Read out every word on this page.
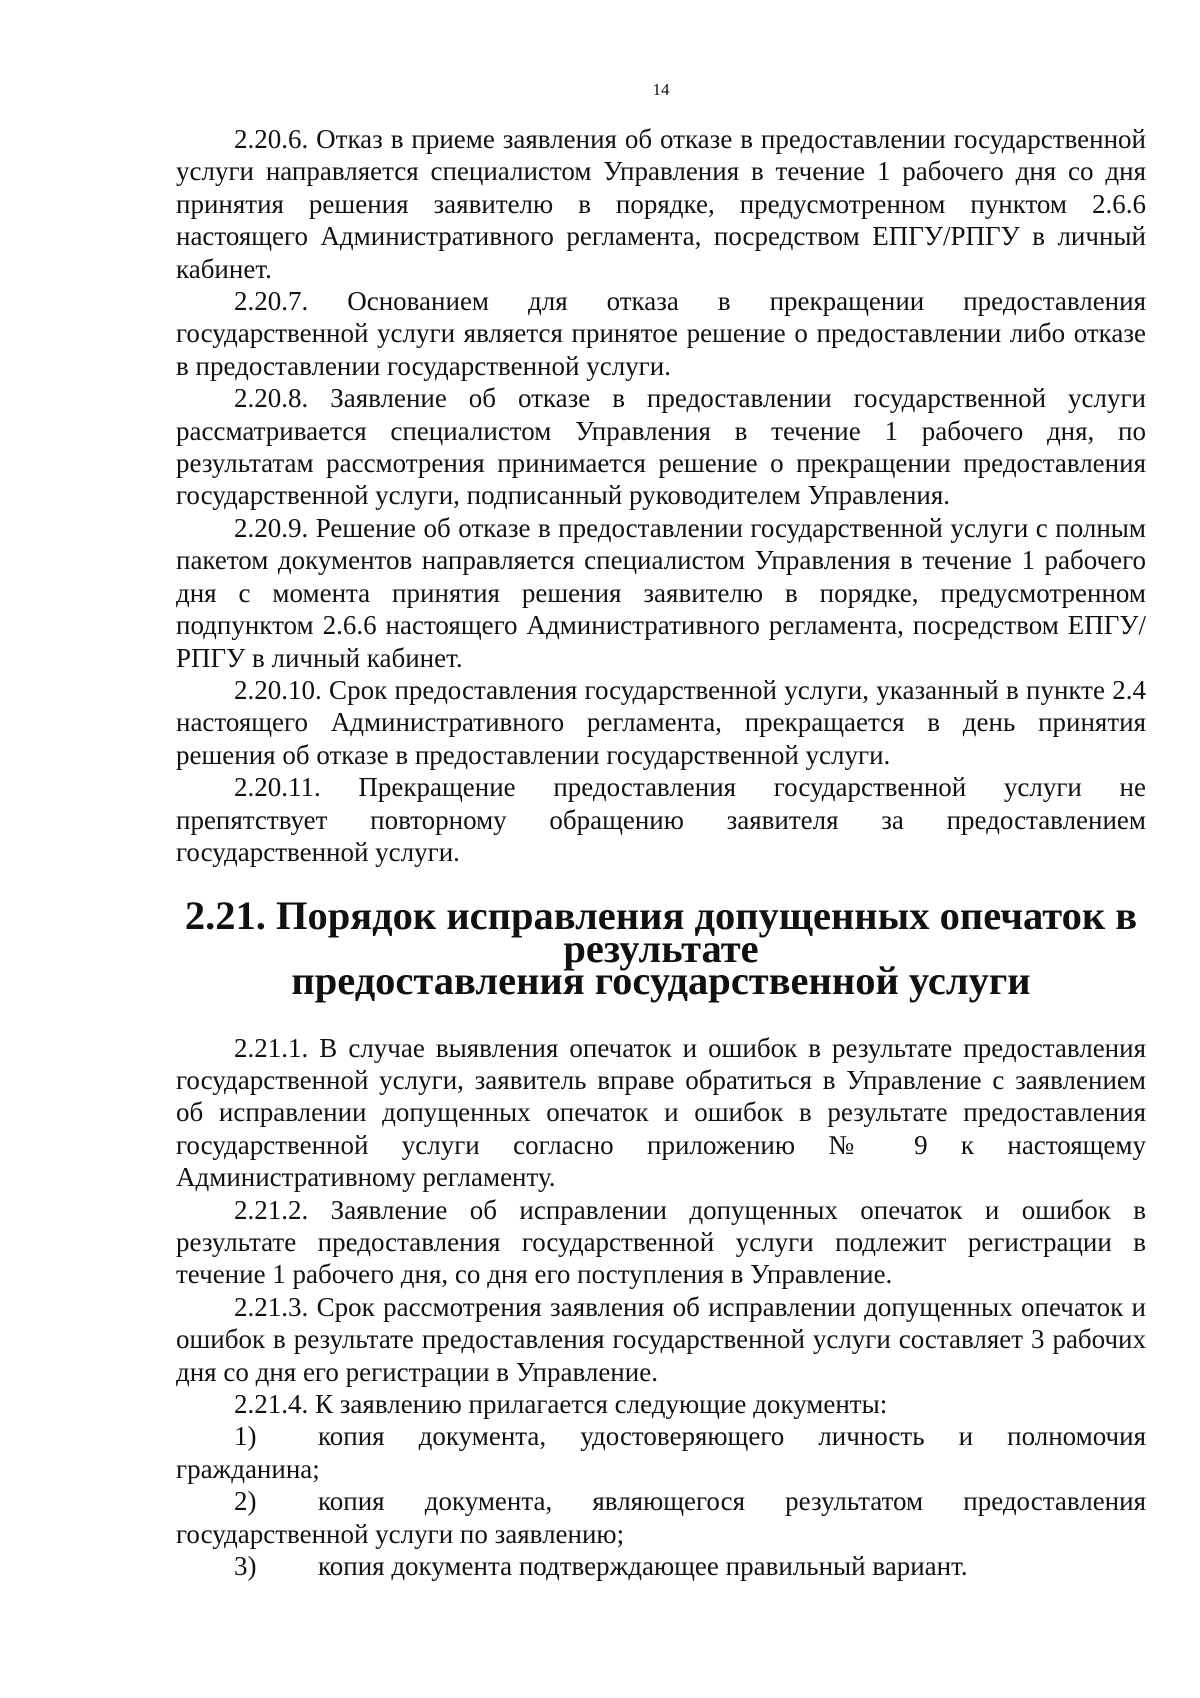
14

2.20.6. Отказ в приеме заявления об отказе в предоставлении государственной услуги направляется специалистом Управления в течение 1 рабочего дня со дня принятия решения заявителю в порядке, предусмотренном пунктом 2.6.6 настоящего Административного регламента, посредством ЕПГУ/РПГУ в личный кабинет.

2.20.7. Основанием для отказа в прекращении предоставления государственной услуги является принятое решение о предоставлении либо отказе в предоставлении государственной услуги.

2.20.8. Заявление об отказе в предоставлении государственной услуги рассматривается специалистом Управления в течение 1 рабочего дня, по результатам рассмотрения принимается решение о прекращении предоставления государственной услуги, подписанный руководителем Управления.

2.20.9. Решение об отказе в предоставлении государственной услуги с полным пакетом документов направляется специалистом Управления в течение 1 рабочего дня с момента принятия решения заявителю в порядке, предусмотренном подпунктом 2.6.6 настоящего Административного регламента, посредством ЕПГУ/РПГУ в личный кабинет.

2.20.10. Срок предоставления государственной услуги, указанный в пункте 2.4 настоящего Административного регламента, прекращается в день принятия решения об отказе в предоставлении государственной услуги.

2.20.11. Прекращение предоставления государственной услуги не препятствует повторному обращению заявителя за предоставлением государственной услуги.

2.21. Порядок исправления допущенных опечаток в результате
предоставления государственной услуги

2.21.1. В случае выявления опечаток и ошибок в результате предоставления государственной услуги, заявитель вправе обратиться в Управление с заявлением об исправлении допущенных опечаток и ошибок в результате предоставления государственной услуги согласно приложению № 9 к настоящему Административному регламенту.

2.21.2. Заявление об исправлении допущенных опечаток и ошибок в результате предоставления государственной услуги подлежит регистрации в течение 1 рабочего дня, со дня его поступления в Управление.

2.21.3. Срок рассмотрения заявления об исправлении допущенных опечаток и ошибок в результате предоставления государственной услуги составляет 3 рабочих дня со дня его регистрации в Управление.

2.21.4. К заявлению прилагается следующие документы:

1) копия документа, удостоверяющего личность и полномочия гражданина;

2) копия документа, являющегося результатом предоставления государственной услуги по заявлению;

3) копия документа подтверждающее правильный вариант.
